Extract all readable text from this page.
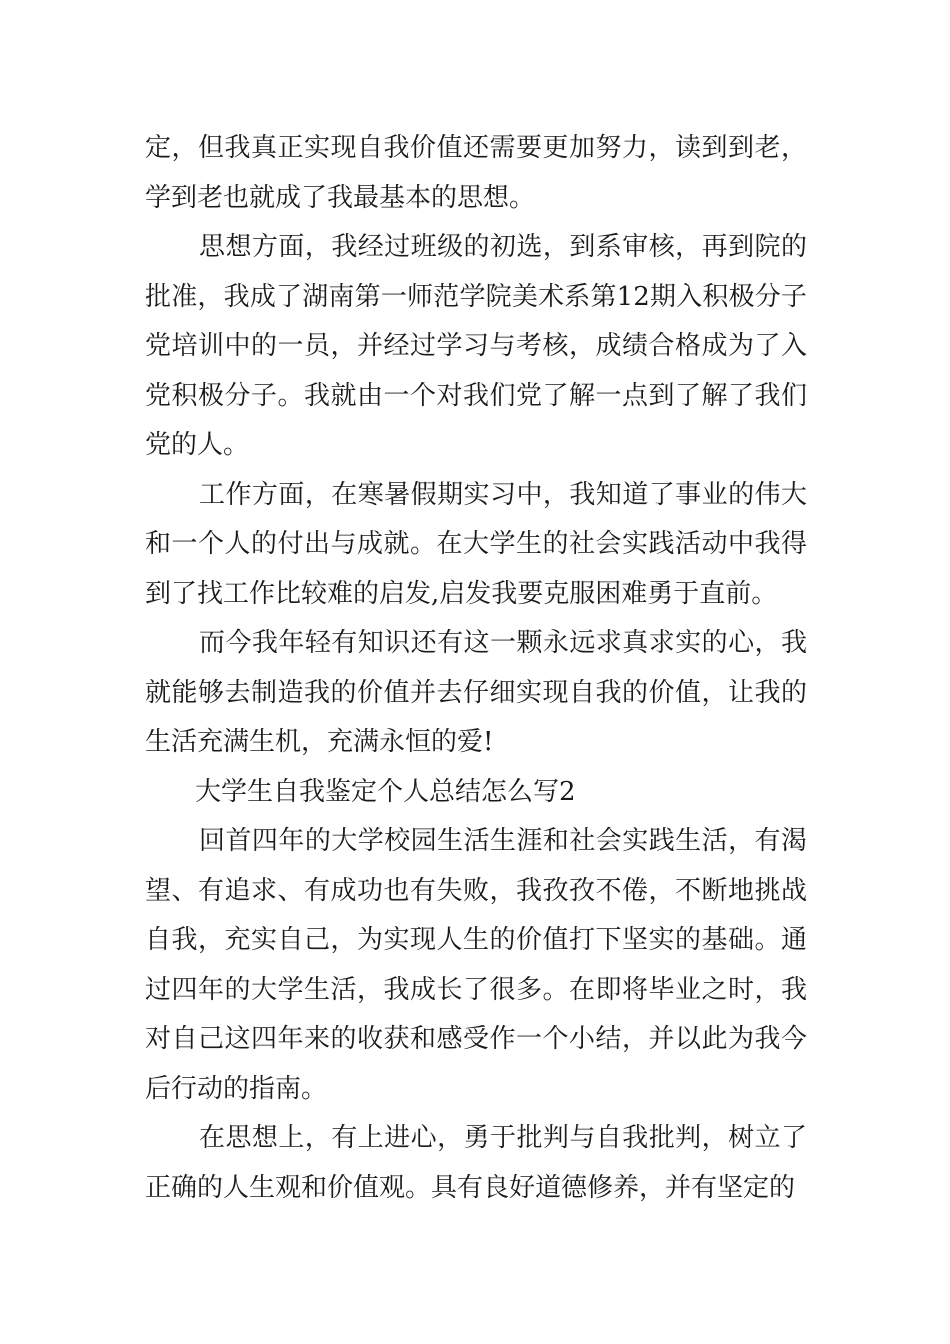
定，但我真正实现自我价值还需要更加努力，读到到老，学到老也就成了我最基本的思想。

思想方面，我经过班级的初选，到系审核，再到院的批准，我成了湖南第一师范学院美术系第12期入积极分子党培训中的一员，并经过学习与考核，成绩合格成为了入党积极分子。我就由一个对我们党了解一点到了解了我们党的人。

工作方面，在寒暑假期实习中，我知道了事业的伟大和一个人的付出与成就。在大学生的社会实践活动中我得到了找工作比较难的启发,启发我要克服困难勇于直前。

而今我年轻有知识还有这一颗永远求真求实的心，我就能够去制造我的价值并去仔细实现自我的价值，让我的生活充满生机，充满永恒的爱!

大学生自我鉴定个人总结怎么写2

回首四年的大学校园生活生涯和社会实践生活，有渴望、有追求、有成功也有失败，我孜孜不倦，不断地挑战自我，充实自己，为实现人生的价值打下坚实的基础。通过四年的大学生活，我成长了很多。在即将毕业之时，我对自己这四年来的收获和感受作一个小结，并以此为我今后行动的指南。

在思想上，有上进心，勇于批判与自我批判，树立了正确的人生观和价值观。具有良好道德修养，并有坚定的
